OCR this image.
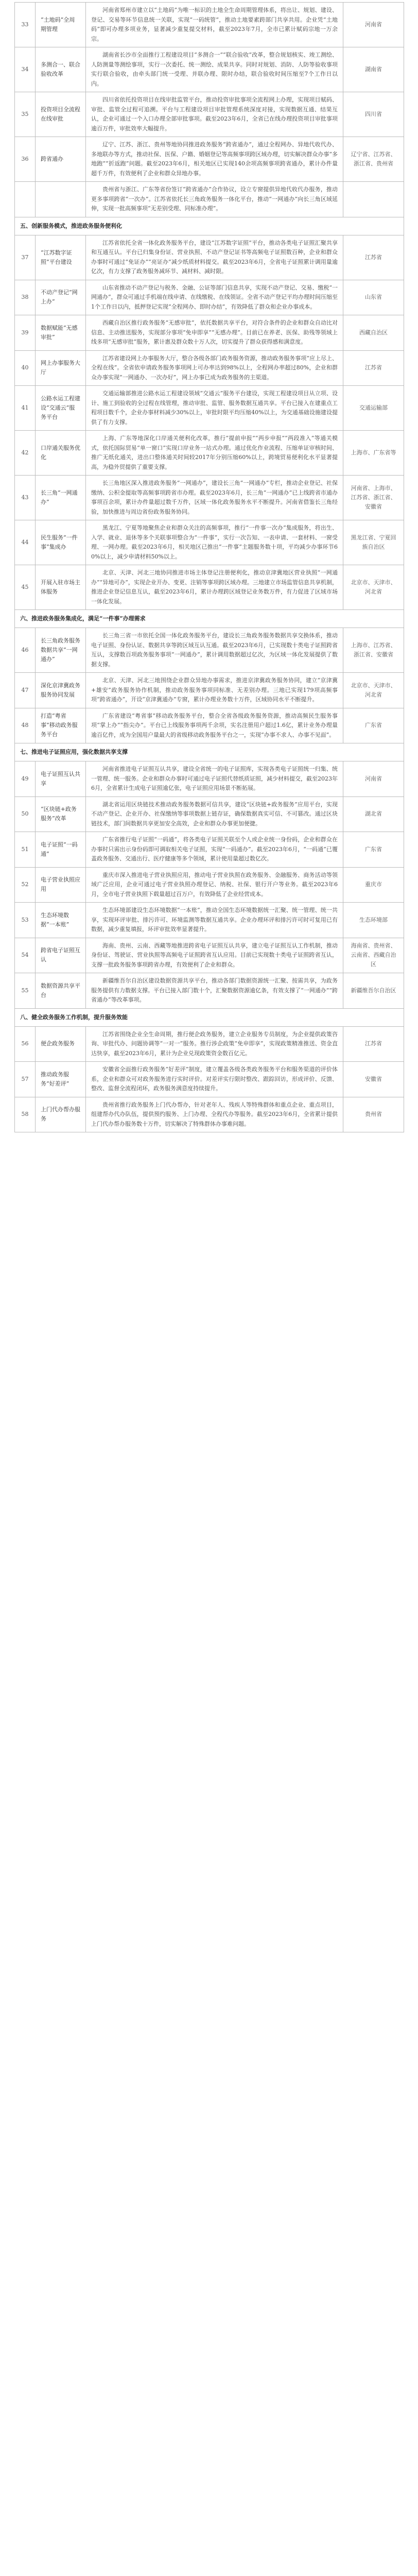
33	“土地码”全周期管理	河南省郑州市建立以“土地码”为唯一标识的土地全生命周期管理体系，将出让、规划、建设、登记、交易等环节信息统一关联，实现“一码统管”，推动土地要素跨部门共享共用。企业凭“土地码”即可办理多项业务，显著减少重复提交材料，截至2023年7月，全市已累计赋码宗地一万余宗。	河南省
34	多测合一、联合验收改革	湖南省长沙市全面推行工程建设项目“多测合一”“联合验收”改革，整合规划核实、竣工测绘、人防测量等测绘事项，实行一次委托、统一测绘、成果共享。同时对规划、消防、人防等验收事项实行联合验收，由牵头部门统一受理、并联办理、限时办结，联合验收时间压缩至7个工作日以内。	湖南省
35	投资项目全流程在线审批	四川省依托投资项目在线审批监管平台，推动投资审批事项全流程网上办理，实现项目赋码、审批、监管全过程可追溯。平台与工程建设项目审批管理系统深度对接，实现数据互通、结果互认，企业可通过一个入口办理全部审批事项。截至2023年6月，全省已在线办理投资项目审批事项逾百万件，审批效率大幅提升。	四川省
36	跨省通办	辽宁、江苏、浙江、贵州等地协同推进政务服务“跨省通办”，通过全程网办、异地代收代办、多地联办等方式，推动社保、医保、户籍、婚姻登记等高频事项跨区域办理，切实解决群众办事“多地跑”“折返跑”问题。截至2023年6月，相关地区已实现140余项高频事项跨省通办，累计办件量超千万件，有效便利了企业和群众异地办事。	辽宁省、江苏省、浙江省、贵州省
		贵州省与浙江、广东等省份签订“跨省通办”合作协议，设立专窗提供异地代收代办服务，推动更多事项跨省“一次办”。江苏省依托长三角政务服务一体化平台，推动“一网通办”向长三角区域延伸，实现一批高频事项“无差别受理、同标准办理”。	
五、创新服务模式，推进政务服务便利化			
37	“江苏数字证照”平台建设	江苏省依托全省一体化政务服务平台，建设“江苏数字证照”平台，推动各类电子证照汇聚共享和互通互认。平台已归集身份证、营业执照、不动产登记证书等高频电子证照数百种，企业和群众办事时可通过“免证办”“亮证办”减少纸质材料提交。截至2023年6月，全省电子证照累计调用量逾亿次，有力支撑了政务服务减环节、减材料、减时限。	江苏省
38	不动产登记“网上办”	山东省推动不动产登记与税务、金融、公证等部门信息共享，实现不动产登记、交易、缴税“一网通办”，群众可通过手机端在线申请、在线缴税、在线领证。全省不动产登记平均办理时间压缩至1个工作日以内，抵押登记实现“全程网办、即时办结”，有效降低了群众和企业办事成本。	山东省
39	数据赋能“无感审批”	西藏自治区推行政务服务“无感审批”，依托数据共享平台，对符合条件的企业和群众自动比对信息、主动推送服务，实现部分事项“免申即享”“无感办理”。目前已在养老、医保、助残等领域上线多项“无感审批”服务，累计惠及群众数十万人次，切实提升了群众获得感和满意度。	西藏自治区
40	网上办事服务大厅	江苏省建设网上办事服务大厅，整合各级各部门政务服务资源，推动政务服务事项“应上尽上、全程在线”。全省依申请政务服务事项网上可办率达到98%以上，全程网办率超过80%，企业和群众办事实现“一网通办、一次办好”，网上办事已成为政务服务的主渠道。	江苏省
41	公路水运工程建设“交通云”服务平台	交通运输部推进公路水运工程建设领域“交通云”服务平台建设，实现工程建设项目从立项、设计、施工到验收的全过程在线管理，推动审批、监管、服务数据互通共享。平台已接入在建重点工程项目数千个，企业办事材料减少30%以上，审批时限平均压缩40%以上，为交通基础设施建设提供了有力支撑。	交通运输部
42	口岸通关服务优化	上海、广东等地深化口岸通关便利化改革，推行“提前申报”“两步申报”“两段准入”等通关模式，依托国际贸易“单一窗口”实现口岸业务一站式办理。通过优化作业流程、压缩单证审核时间、推广无纸化通关，进出口整体通关时间较2017年分别压缩60%以上，跨境贸易便利化水平显著提高，为稳外贸提供了重要支撑。	上海市、广东省等
43	长三角“一网通办”	长三角地区深入推进政务服务“一网通办”，建设长三角“一网通办”专栏，推动企业登记、社保缴纳、公积金提取等高频事项跨省市办理。截至2023年6月，长三角“一网通办”已上线跨省市通办事项百余项，累计办件量超过数千万件，区域一体化政务服务水平不断提升。河南省借鉴长三角经验，加快推进与周边省份政务服务协同。	河南省、上海市、江苏省、浙江省、安徽省
44	民生服务“一件事”集成办	黑龙江、宁夏等地聚焦企业和群众关注的高频事项，推行“一件事一次办”集成服务，将出生、入学、就业、退休等多个关联事项整合为“一件事”，实行一次告知、一表申请、一套材料、一窗受理、一网办理。截至2023年6月，相关地区已推出“一件事”主题服务数十项，平均减少办事环节60%以上，减少申请材料50%以上。	黑龙江省、宁夏回族自治区
45	开展入驻市场主体服务	北京、天津、河北三地协同推进市场主体登记注册便利化，推动京津冀地区营业执照“一网通办”“异地可办”，实现企业开办、变更、注销等事项跨区域办理。三地建立市场监管信息共享机制，推进企业登记信息互认，截至2023年6月，累计办理跨区域登记业务数万件，有力促进了区域市场一体化发展。	北京市、天津市、河北省
六、推进政务服务集成化，满足“一件事”办理需求			
46	长三角政务服务数据共享“一网通办”	长三角三省一市依托全国一体化政务服务平台，建设长三角政务服务数据共享交换体系，推动电子证照、身份认证、数据共享等跨区域互认互通。截至2023年6月，已实现数十类电子证照跨省互认，支撑数百项政务服务事项“一网通办”，累计调用数据超过亿次，为区域一体化发展提供了数据支撑。	上海市、江苏省、浙江省、安徽省
47	深化京津冀政务服务协同发展	北京、天津、河北三地围绕企业群众异地办事需求，推进京津冀政务服务协同，建立“京津冀+雄安”政务服务协作机制，推动政务服务事项同标准、无差别办理。三地已实现179项高频事项“跨省通办”，开设“京津冀通办”专窗，累计办理业务数十万件，区域协同水平不断提升。	北京市、天津市、河北省
48	打造“粤省事”移动政务服务平台	广东省建设“粤省事”移动政务服务平台，整合全省各级政务服务资源，推动高频民生服务事项“掌上办”“指尖办”。平台已上线服务事项两千余项，实名注册用户超过1.6亿，累计业务办理量逾百亿件，成为全国用户量最大的省级移动政务服务平台之一，实现“办事不求人、办事不见面”。	广东省
七、推进电子证照应用，强化数据共享支撑			
49	电子证照互认共享	河南省推进电子证照互认共享，建设全省统一的电子证照库，实现各类电子证照统一归集、统一管理、统一服务。企业和群众办事时可通过电子证照代替纸质证照，减少材料提交，截至2023年6月，全省累计生成电子证照逾亿张，电子证照应用场景不断拓展。	河南省
50	“区块链+政务服务”改革	湖北省运用区块链技术推动政务服务数据可信共享，建设“区块链+政务服务”应用平台，实现不动产登记、企业开办、社保缴纳等事项数据上链存证，确保数据真实可信、不可篡改。通过区块链技术，部门间数据共享更加安全高效，企业和群众办事更加便捷。	湖北省
51	电子证照“一码通”	广东省推行电子证照“一码通”，将各类电子证照关联至个人或企业统一身份码，企业和群众在办事时只需出示身份码即可调取相关电子证照，实现“一码通办”。截至2023年6月，“一码通”已覆盖政务服务、交通出行、医疗健康等多个领域，累计使用量超过数亿次。	广东省
52	电子营业执照应用	重庆市深入推进电子营业执照应用，推动电子营业执照在政务服务、金融服务、商务活动等领域广泛应用，企业可通过电子营业执照办理登记、纳税、社保、银行开户等业务。截至2023年6月，全市电子营业执照下载量超过百万户，有效降低了企业经营成本。	重庆市
53	生态环境数据“一本账”	生态环境部建设生态环境数据“一本账”，推动全国生态环境数据统一汇聚、统一管理、统一共享，实现环评审批、排污许可、环境监测等数据互通共享。企业办理环评和排污许可时可复用已有数据，减少重复填报，环评审批效率显著提升。	生态环境部
54	跨省电子证照互认	海南、贵州、云南、西藏等地推进跨省电子证照互认共享，建立电子证照互认工作机制，推动身份证、驾驶证、营业执照等高频电子证照跨省互认应用。目前已实现数十类电子证照跨省互认，支撑一批政务服务事项跨省办理，有效便利了企业和群众。	海南省、贵州省、云南省、西藏自治区
55	数据资源共享平台	新疆维吾尔自治区建设数据资源共享平台，推动各部门数据资源统一汇聚、按需共享，为政务服务提供有力数据支撑。平台已接入部门数十个，汇聚数据资源逾亿条，有效支撑了“一网通办”“跨省通办”等改革事项。	新疆维吾尔自治区
八、健全政务服务工作机制，提升服务效能			
56	便企政务服务	江苏省围绕企业全生命周期，推行便企政务服务，建立企业服务专员制度，为企业提供政策咨询、审批代办、问题协调等“一对一”服务。推行涉企政策“免申即享”，实现政策精准推送、资金直达快享，截至2023年6月，累计为企业兑现政策资金数百亿元。	江苏省
57	推动政务服务“好差评”	安徽省全面推行政务服务“好差评”制度，建立覆盖各级各类政务服务平台和服务渠道的评价体系，企业和群众可对政务服务进行实时评价。对差评实行限时整改、跟踪回访，形成评价、反馈、整改、监督全流程闭环，政务服务满意度持续提升。	安徽省
58	上门代办帮办服务	贵州省推行政务服务上门代办帮办，针对老年人、残疾人等特殊群体和重点企业、重点项目，组建帮办代办队伍，提供预约服务、上门办理、全程代办等服务。截至2023年6月，全省累计提供上门代办帮办服务数十万件，切实解决了特殊群体办事难问题。	贵州省
